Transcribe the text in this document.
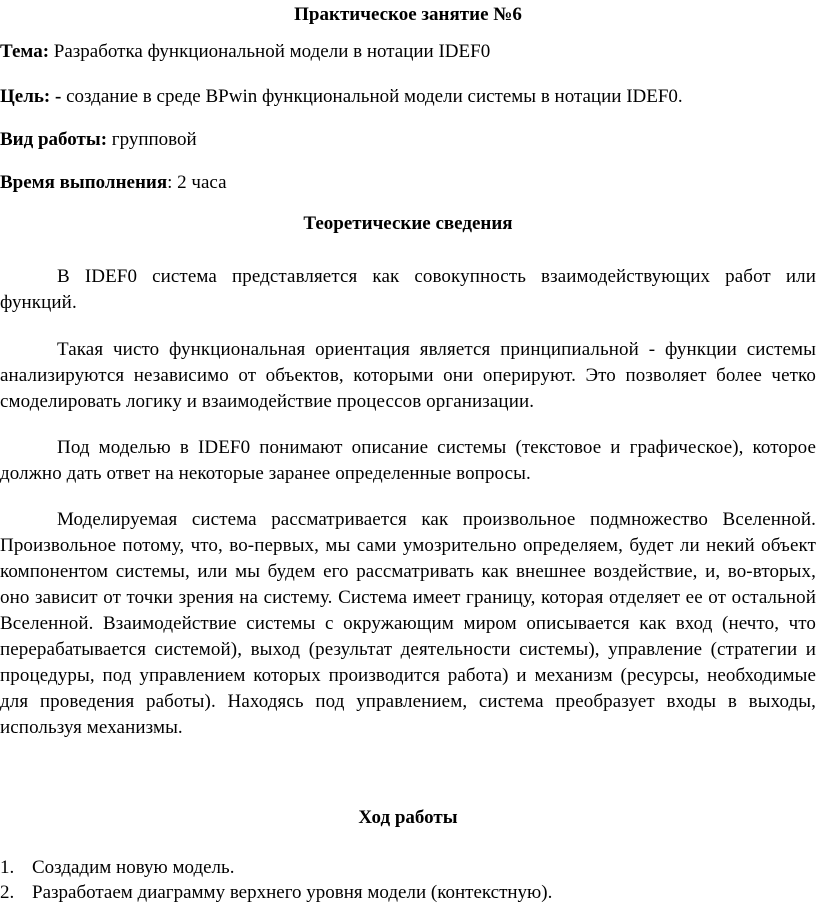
Практическое занятие №6

Тема: Разработка функциональной модели в нотации IDEF0

Цель: - создание в среде BPwin функциональной модели системы в нотации IDEF0.

Вид работы: групповой

Время выполнения: 2 часа

Теоретические сведения

В IDEF0 система представляется как совокупность взаимодействующих работ или функций.

Такая чисто функциональная ориентация является принципиальной - функции системы анализируются независимо от объектов, которыми они оперируют. Это позволяет более четко смоделировать логику и взаимодействие процессов организации.

Под моделью в IDEF0 понимают описание системы (текстовое и графическое), которое должно дать ответ на некоторые заранее определенные вопросы.

Моделируемая система рассматривается как произвольное подмножество Вселенной. Произвольное потому, что, во-первых, мы сами умозрительно определяем, будет ли некий объект компонентом системы, или мы будем его рассматривать как внешнее воздействие, и, во-вторых, оно зависит от точки зрения на систему. Система имеет границу, которая отделяет ее от остальной Вселенной. Взаимодействие системы с окружающим миром описывается как вход (нечто, что перерабатывается системой), выход (результат деятельности системы), управление (стратегии и процедуры, под управлением которых производится работа) и механизм (ресурсы, необходимые для проведения работы). Находясь под управлением, система преобразует входы в выходы, используя механизмы.

Ход работы

1. Создадим новую модель.
2. Разработаем диаграмму верхнего уровня модели (контекстную).
